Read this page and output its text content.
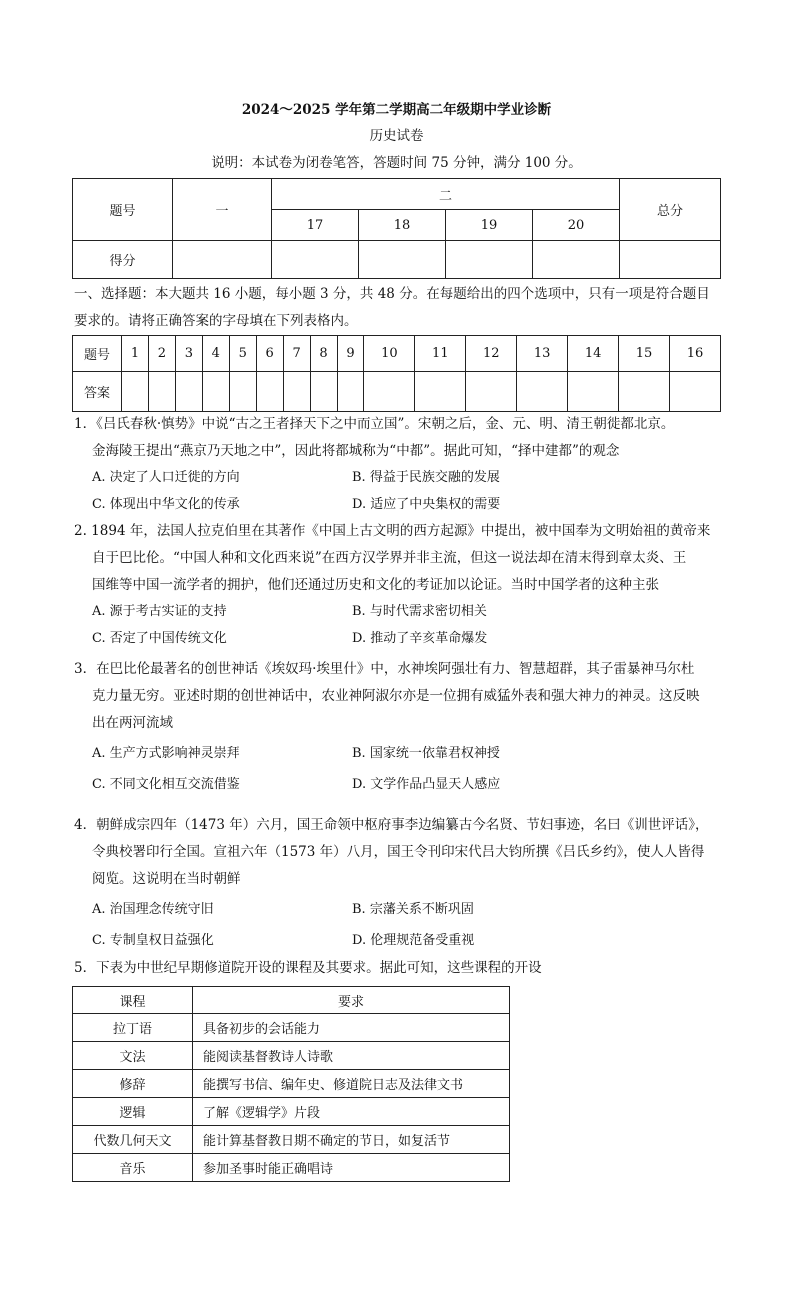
2024～2025 学年第二学期高二年级期中学业诊断
历史试卷
说明：本试卷为闭卷笔答，答题时间 75 分钟，满分 100 分。
题号	一	二				总分
		17	18	19	20	
得分						
一、选择题：本大题共 16 小题，每小题 3 分，共 48 分。在每题给出的四个选项中，只有一项是符合题目
要求的。请将正确答案的字母填在下列表格内。
题号	1	2	3	4	5	6	7	8	9	10	11	12	13	14	15	16
答案																
1．《吕氏春秋·慎势》中说“古之王者择天下之中而立国”。宋朝之后，金、元、明、清王朝徙都北京。
金海陵王提出“燕京乃天地之中”，因此将都城称为“中都”。据此可知，“择中建都”的观念
A. 决定了人口迁徙的方向	B. 得益于民族交融的发展
C. 体现出中华文化的传承	D. 适应了中央集权的需要
2. 1894 年，法国人拉克伯里在其著作《中国上古文明的西方起源》中提出，被中国奉为文明始祖的黄帝来
自于巴比伦。“中国人种和文化西来说”在西方汉学界并非主流，但这一说法却在清末得到章太炎、王
国维等中国一流学者的拥护，他们还通过历史和文化的考证加以论证。当时中国学者的这种主张
A. 源于考古实证的支持	B. 与时代需求密切相关
C. 否定了中国传统文化	D. 推动了辛亥革命爆发
3．在巴比伦最著名的创世神话《埃奴玛·埃里什》中，水神埃阿强壮有力、智慧超群，其子雷暴神马尔杜
克力量无穷。亚述时期的创世神话中，农业神阿淑尔亦是一位拥有威猛外表和强大神力的神灵。这反映
出在两河流域
A. 生产方式影响神灵崇拜	B. 国家统一依靠君权神授
C. 不同文化相互交流借鉴	D. 文学作品凸显天人感应
4．朝鲜成宗四年（1473 年）六月，国王命领中枢府事李边编纂古今名贤、节妇事迹，名曰《训世评话》，
令典校署印行全国。宣祖六年（1573 年）八月，国王令刊印宋代吕大钧所撰《吕氏乡约》，使人人皆得
阅览。这说明在当时朝鲜
A. 治国理念传统守旧	B. 宗藩关系不断巩固
C. 专制皇权日益强化	D. 伦理规范备受重视
5．下表为中世纪早期修道院开设的课程及其要求。据此可知，这些课程的开设
课程	要求
拉丁语	具备初步的会话能力
文法	能阅读基督教诗人诗歌
修辞	能撰写书信、编年史、修道院日志及法律文书
逻辑	了解《逻辑学》片段
代数几何天文	能计算基督教日期不确定的节日，如复活节
音乐	参加圣事时能正确唱诗
